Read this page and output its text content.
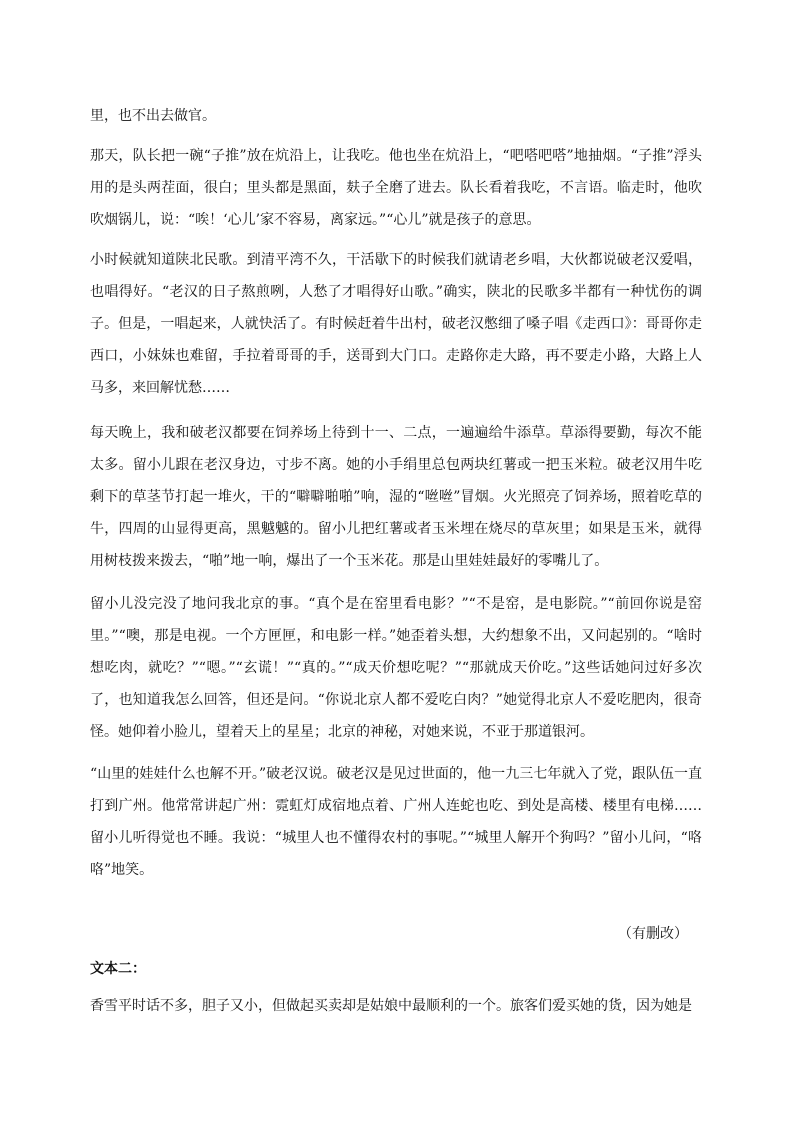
里，也不出去做官。

那天，队长把一碗“子推”放在炕沿上，让我吃。他也坐在炕沿上，“吧嗒吧嗒”地抽烟。“子推”浮头用的是头两茬面，很白；里头都是黑面，麸子全磨了进去。队长看着我吃，不言语。临走时，他吹吹烟锅儿，说：“唉！‘心儿’家不容易，离家远。”“心儿”就是孩子的意思。

小时候就知道陕北民歌。到清平湾不久，干活歇下的时候我们就请老乡唱，大伙都说破老汉爱唱，也唱得好。“老汉的日子熬煎咧，人愁了才唱得好山歌。”确实，陕北的民歌多半都有一种忧伤的调子。但是，一唱起来，人就快活了。有时候赶着牛出村，破老汉憋细了嗓子唱《走西口》：哥哥你走西口，小妹妹也难留，手拉着哥哥的手，送哥到大门口。走路你走大路，再不要走小路，大路上人马多，来回解忧愁……

每天晚上，我和破老汉都要在饲养场上待到十一、二点，一遍遍给牛添草。草添得要勤，每次不能太多。留小儿跟在老汉身边，寸步不离。她的小手绢里总包两块红薯或一把玉米粒。破老汉用牛吃剩下的草茎节打起一堆火，干的“噼噼啪啪”响，湿的“咝咝”冒烟。火光照亮了饲养场，照着吃草的牛，四周的山显得更高，黑魆魆的。留小儿把红薯或者玉米埋在烧尽的草灰里；如果是玉米，就得用树枝拨来拨去，“啪”地一响，爆出了一个玉米花。那是山里娃娃最好的零嘴儿了。

留小儿没完没了地问我北京的事。“真个是在窑里看电影？”“不是窑，是电影院。”“前回你说是窑里。”“噢，那是电视。一个方匣匣，和电影一样。”她歪着头想，大约想象不出，又问起别的。“啥时想吃肉，就吃？”“嗯。”“玄谎！”“真的。”“成天价想吃呢？”“那就成天价吃。”这些话她问过好多次了，也知道我怎么回答，但还是问。“你说北京人都不爱吃白肉？”她觉得北京人不爱吃肥肉，很奇怪。她仰着小脸儿，望着天上的星星；北京的神秘，对她来说，不亚于那道银河。

“山里的娃娃什么也解不开。”破老汉说。破老汉是见过世面的，他一九三七年就入了党，跟队伍一直打到广州。他常常讲起广州：霓虹灯成宿地点着、广州人连蛇也吃、到处是高楼、楼里有电梯……留小儿听得觉也不睡。我说：“城里人也不懂得农村的事呢。”“城里人解开个狗吗？”留小儿问，“咯咯”地笑。

（有删改）
文本二：

香雪平时话不多，胆子又小，但做起买卖却是姑娘中最顺利的一个。旅客们爱买她的货，因为她是
